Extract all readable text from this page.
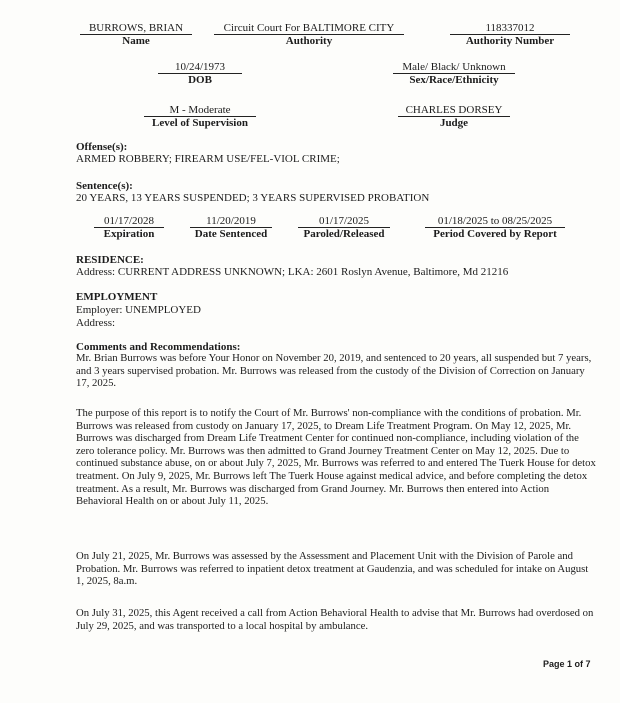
BURROWS, BRIAN
Name
Circuit Court For BALTIMORE CITY
Authority
118337012
Authority Number
10/24/1973
DOB
Male/ Black/ Unknown
Sex/Race/Ethnicity
M - Moderate
Level of Supervision
CHARLES DORSEY
Judge
Offense(s):
ARMED ROBBERY; FIREARM USE/FEL-VIOL CRIME;
Sentence(s):
20 YEARS, 13 YEARS SUSPENDED; 3 YEARS SUPERVISED PROBATION
01/17/2028
Expiration
11/20/2019
Date Sentenced
01/17/2025
Paroled/Released
01/18/2025 to 08/25/2025
Period Covered by Report
RESIDENCE:
Address: CURRENT ADDRESS UNKNOWN; LKA: 2601 Roslyn Avenue, Baltimore, Md 21216
EMPLOYMENT
Employer: UNEMPLOYED
Address:
Comments and Recommendations:

Mr. Brian Burrows was before Your Honor on November 20, 2019, and sentenced to 20 years, all suspended but 7 years, and 3 years supervised probation. Mr. Burrows was released from the custody of the Division of Correction on January 17, 2025.

The purpose of this report is to notify the Court of Mr. Burrows' non-compliance with the conditions of probation. Mr. Burrows was released from custody on January 17, 2025, to Dream Life Treatment Program. On May 12, 2025, Mr. Burrows was discharged from Dream Life Treatment Center for continued non-compliance, including violation of the zero tolerance policy. Mr. Burrows was then admitted to Grand Journey Treatment Center on May 12, 2025. Due to continued substance abuse, on or about July 7, 2025, Mr. Burrows was referred to and entered The Tuerk House for detox treatment. On July 9, 2025, Mr. Burrows left The Tuerk House against medical advice, and before completing the detox treatment. As a result, Mr. Burrows was discharged from Grand Journey. Mr. Burrows then entered into Action Behavioral Health on or about July 11, 2025.

On July 21, 2025, Mr. Burrows was assessed by the Assessment and Placement Unit with the Division of Parole and Probation. Mr. Burrows was referred to inpatient detox treatment at Gaudenzia, and was scheduled for intake on August 1, 2025, 8a.m.

On July 31, 2025, this Agent received a call from Action Behavioral Health to advise that Mr. Burrows had overdosed on July 29, 2025, and was transported to a local hospital by ambulance.

Page 1 of 7
